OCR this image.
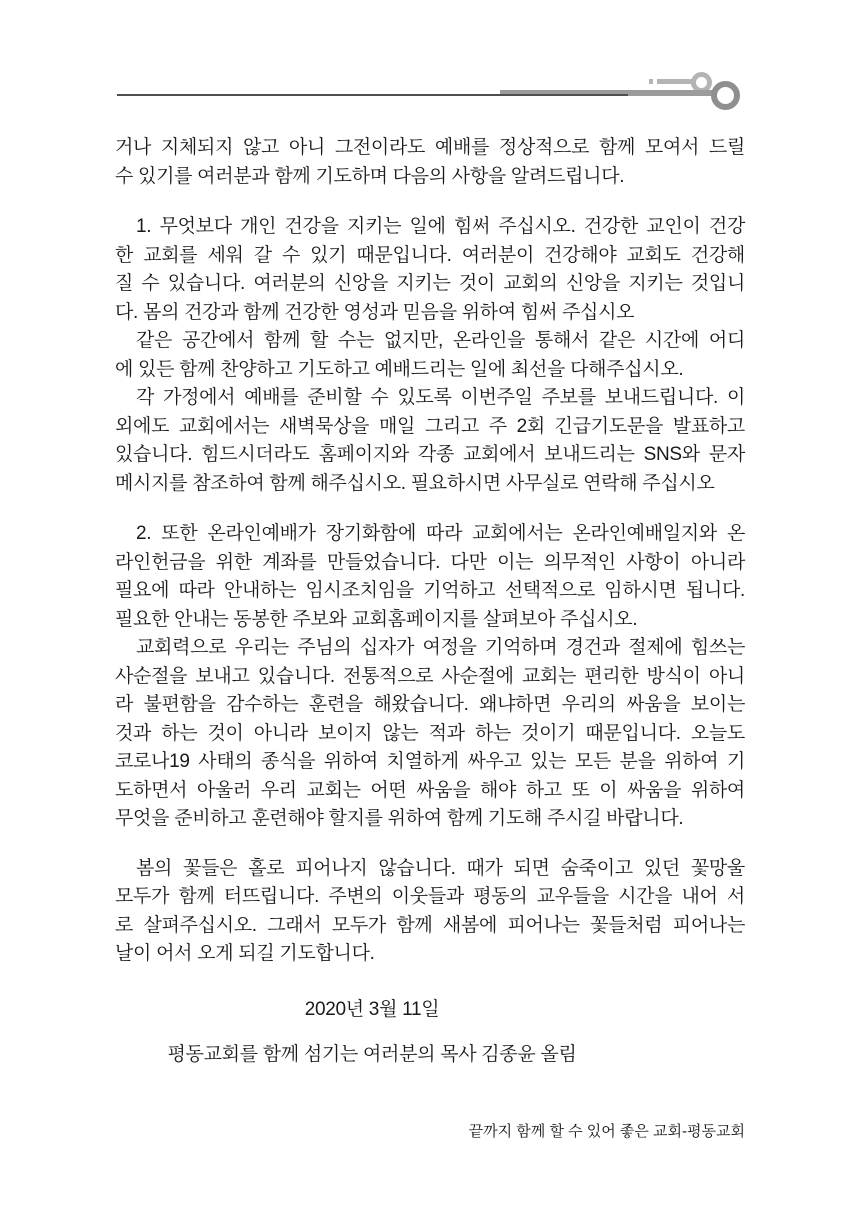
거나 지체되지 않고 아니 그전이라도 예배를 정상적으로 함께 모여서 드릴
수 있기를 여러분과 함께 기도하며 다음의 사항을 알려드립니다.
1. 무엇보다 개인 건강을 지키는 일에 힘써 주십시오. 건강한 교인이 건강
한 교회를 세워 갈 수 있기 때문입니다. 여러분이 건강해야 교회도 건강해
질 수 있습니다. 여러분의 신앙을 지키는 것이 교회의 신앙을 지키는 것입니
다. 몸의 건강과 함께 건강한 영성과 믿음을 위하여 힘써 주십시오
같은 공간에서 함께 할 수는 없지만, 온라인을 통해서 같은 시간에 어디
에 있든 함께 찬양하고 기도하고 예배드리는 일에 최선을 다해주십시오.
각 가정에서 예배를 준비할 수 있도록 이번주일 주보를 보내드립니다. 이
외에도 교회에서는 새벽묵상을 매일 그리고 주 2회 긴급기도문을 발표하고
있습니다. 힘드시더라도 홈페이지와 각종 교회에서 보내드리는 SNS와 문자
메시지를 참조하여 함께 해주십시오. 필요하시면 사무실로 연락해 주십시오
2. 또한 온라인예배가 장기화함에 따라 교회에서는 온라인예배일지와 온
라인헌금을 위한 계좌를 만들었습니다. 다만 이는 의무적인 사항이 아니라
필요에 따라 안내하는 임시조치임을 기억하고 선택적으로 임하시면 됩니다.
필요한 안내는 동봉한 주보와 교회홈페이지를 살펴보아 주십시오.
교회력으로 우리는 주님의 십자가 여정을 기억하며 경건과 절제에 힘쓰는
사순절을 보내고 있습니다. 전통적으로 사순절에 교회는 편리한 방식이 아니
라 불편함을 감수하는 훈련을 해왔습니다. 왜냐하면 우리의 싸움을 보이는
것과 하는 것이 아니라 보이지 않는 적과 하는 것이기 때문입니다. 오늘도
코로나19 사태의 종식을 위하여 치열하게 싸우고 있는 모든 분을 위하여 기
도하면서 아울러 우리 교회는 어떤 싸움을 해야 하고 또 이 싸움을 위하여
무엇을 준비하고 훈련해야 할지를 위하여 함께 기도해 주시길 바랍니다.
봄의 꽃들은 홀로 피어나지 않습니다. 때가 되면 숨죽이고 있던 꽃망울
모두가 함께 터뜨립니다. 주변의 이웃들과 평동의 교우들을 시간을 내어 서
로 살펴주십시오. 그래서 모두가 함께 새봄에 피어나는 꽃들처럼 피어나는
날이 어서 오게 되길 기도합니다.
2020년 3월 11일
평동교회를 함께 섬기는 여러분의 목사 김종윤 올림
끝까지 함께 할 수 있어 좋은 교회-평동교회
